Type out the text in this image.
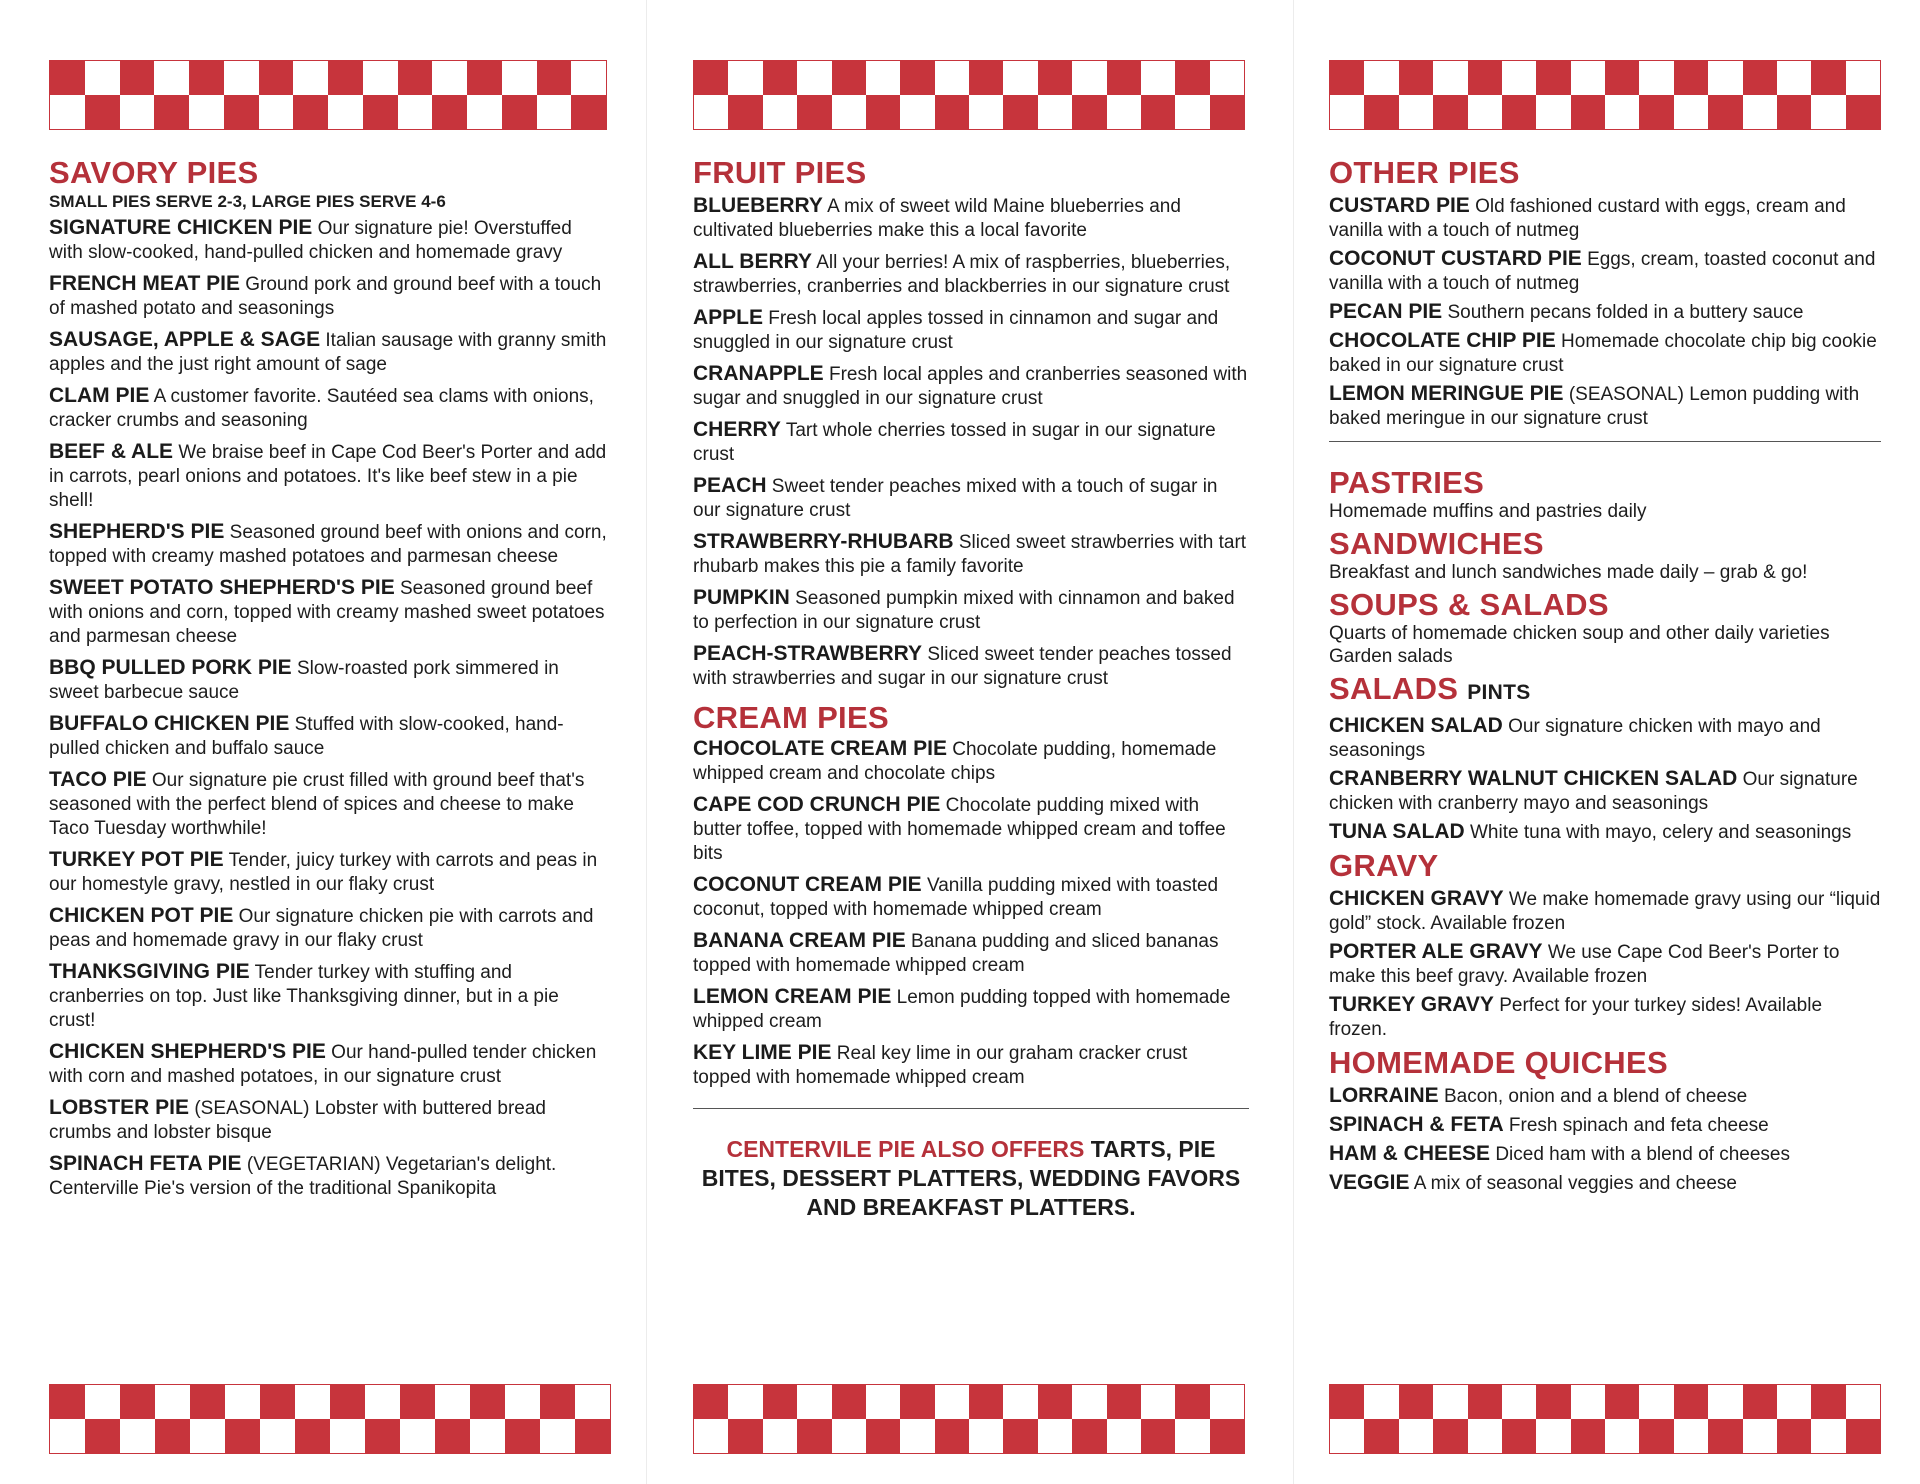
SAVORY PIES
SMALL PIES SERVE 2-3, LARGE PIES SERVE 4-6
SIGNATURE CHICKEN PIE Our signature pie! Overstuffed with slow-cooked, hand-pulled chicken and homemade gravy
FRENCH MEAT PIE Ground pork and ground beef with a touch of mashed potato and seasonings
SAUSAGE, APPLE & SAGE Italian sausage with granny smith apples and the just right amount of sage
CLAM PIE A customer favorite. Sautéed sea clams with onions, cracker crumbs and seasoning
BEEF & ALE We braise beef in Cape Cod Beer's Porter and add in carrots, pearl onions and potatoes. It's like beef stew in a pie shell!
SHEPHERD'S PIE Seasoned ground beef with onions and corn, topped with creamy mashed potatoes and parmesan cheese
SWEET POTATO SHEPHERD'S PIE Seasoned ground beef with onions and corn, topped with creamy mashed sweet potatoes and parmesan cheese
BBQ PULLED PORK PIE Slow-roasted pork simmered in sweet barbecue sauce
BUFFALO CHICKEN PIE Stuffed with slow-cooked, hand-pulled chicken and buffalo sauce
TACO PIE Our signature pie crust filled with ground beef that's seasoned with the perfect blend of spices and cheese to make Taco Tuesday worthwhile!
TURKEY POT PIE Tender, juicy turkey with carrots and peas in our homestyle gravy, nestled in our flaky crust
CHICKEN POT PIE Our signature chicken pie with carrots and peas and homemade gravy in our flaky crust
THANKSGIVING PIE Tender turkey with stuffing and cranberries on top. Just like Thanksgiving dinner, but in a pie crust!
CHICKEN SHEPHERD'S PIE Our hand-pulled tender chicken with corn and mashed potatoes, in our signature crust
LOBSTER PIE (SEASONAL) Lobster with buttered bread crumbs and lobster bisque
SPINACH FETA PIE (VEGETARIAN) Vegetarian's delight. Centerville Pie's version of the traditional Spanikopita
FRUIT PIES
BLUEBERRY A mix of sweet wild Maine blueberries and cultivated blueberries make this a local favorite
ALL BERRY All your berries! A mix of raspberries, blueberries, strawberries, cranberries and blackberries in our signature crust
APPLE Fresh local apples tossed in cinnamon and sugar and snuggled in our signature crust
CRANAPPLE Fresh local apples and cranberries seasoned with sugar and snuggled in our signature crust
CHERRY Tart whole cherries tossed in sugar in our signature crust
PEACH Sweet tender peaches mixed with a touch of sugar in our signature crust
STRAWBERRY-RHUBARB Sliced sweet strawberries with tart rhubarb makes this pie a family favorite
PUMPKIN Seasoned pumpkin mixed with cinnamon and baked to perfection in our signature crust
PEACH-STRAWBERRY Sliced sweet tender peaches tossed with strawberries and sugar in our signature crust
CREAM PIES
CHOCOLATE CREAM PIE Chocolate pudding, homemade whipped cream and chocolate chips
CAPE COD CRUNCH PIE Chocolate pudding mixed with butter toffee, topped with homemade whipped cream and toffee bits
COCONUT CREAM PIE Vanilla pudding mixed with toasted coconut, topped with homemade whipped cream
BANANA CREAM PIE Banana pudding and sliced bananas topped with homemade whipped cream
LEMON CREAM PIE Lemon pudding topped with homemade whipped cream
KEY LIME PIE Real key lime in our graham cracker crust topped with homemade whipped cream
CENTERVILE PIE ALSO OFFERS TARTS, PIE BITES, DESSERT PLATTERS, WEDDING FAVORS AND BREAKFAST PLATTERS.
OTHER PIES
CUSTARD PIE Old fashioned custard with eggs, cream and vanilla with a touch of nutmeg
COCONUT CUSTARD PIE Eggs, cream, toasted coconut and vanilla with a touch of nutmeg
PECAN PIE Southern pecans folded in a buttery sauce
CHOCOLATE CHIP PIE Homemade chocolate chip big cookie baked in our signature crust
LEMON MERINGUE PIE (SEASONAL) Lemon pudding with baked meringue in our signature crust
PASTRIES
Homemade muffins and pastries daily
SANDWICHES
Breakfast and lunch sandwiches made daily – grab & go!
SOUPS & SALADS
Quarts of homemade chicken soup and other daily varieties
Garden salads
SALADS PINTS
CHICKEN SALAD Our signature chicken with mayo and seasonings
CRANBERRY WALNUT CHICKEN SALAD Our signature chicken with cranberry mayo and seasonings
TUNA SALAD White tuna with mayo, celery and seasonings
GRAVY
CHICKEN GRAVY We make homemade gravy using our “liquid gold” stock. Available frozen
PORTER ALE GRAVY We use Cape Cod Beer's Porter to make this beef gravy. Available frozen
TURKEY GRAVY Perfect for your turkey sides! Available frozen.
HOMEMADE QUICHES
LORRAINE Bacon, onion and a blend of cheese
SPINACH & FETA Fresh spinach and feta cheese
HAM & CHEESE Diced ham with a blend of cheeses
VEGGIE A mix of seasonal veggies and cheese
